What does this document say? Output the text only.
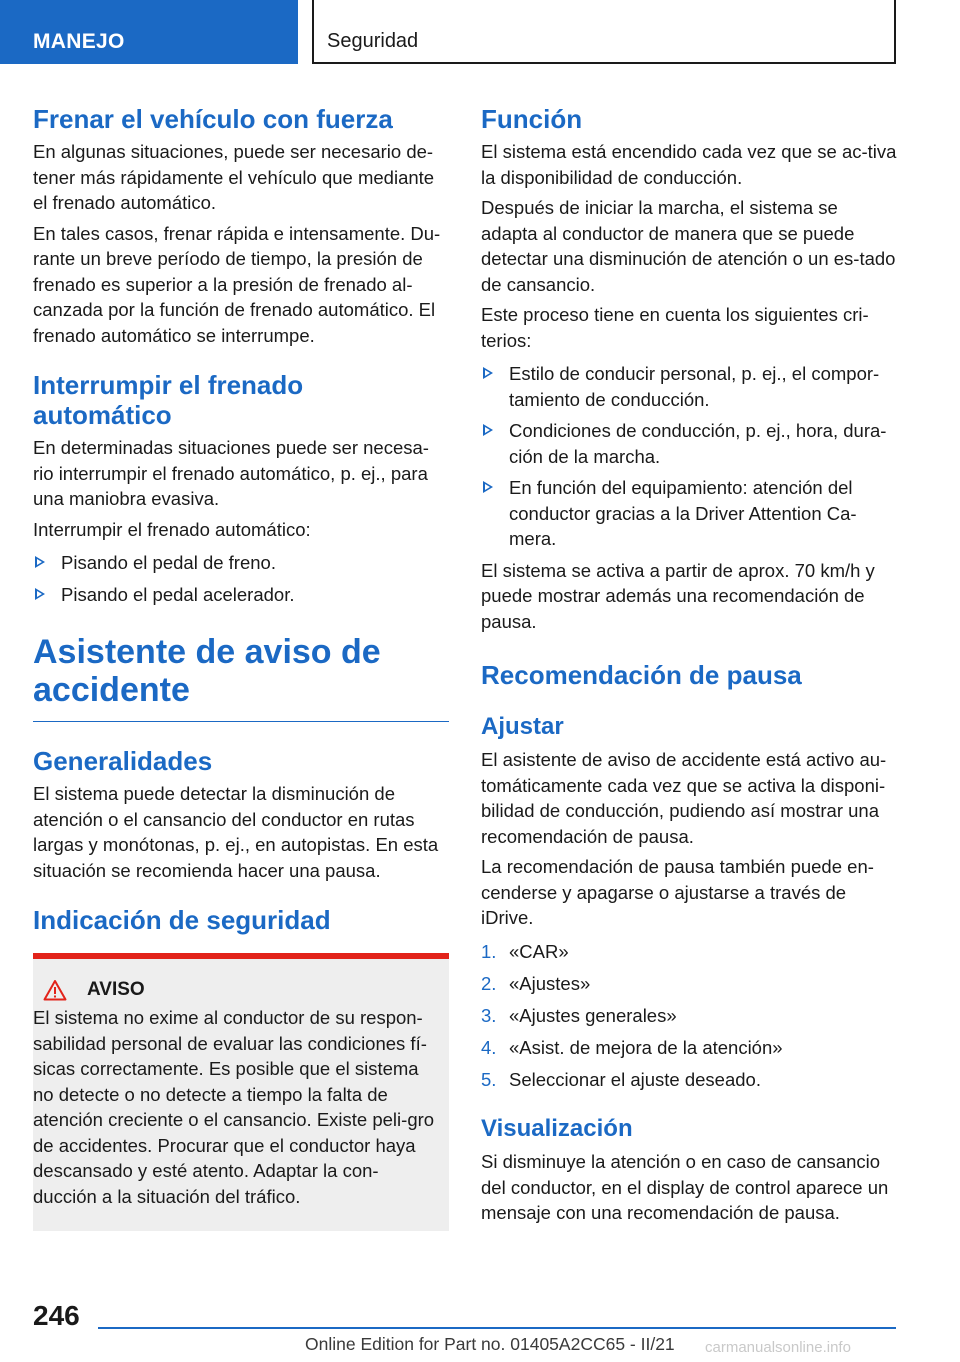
MANEJO	Seguridad
Frenar el vehículo con fuerza

En algunas situaciones, puede ser necesario de-tener más rápidamente el vehículo que mediante el frenado automático.

En tales casos, frenar rápida e intensamente. Du-rante un breve período de tiempo, la presión de frenado es superior a la presión de frenado al-canzada por la función de frenado automático. El frenado automático se interrumpe.

Interrumpir el frenado automático

En determinadas situaciones puede ser necesa-rio interrumpir el frenado automático, p. ej., para una maniobra evasiva.

Interrumpir el frenado automático:

Pisando el pedal de freno.
Pisando el pedal acelerador.
Asistente de aviso de accidente
Generalidades

El sistema puede detectar la disminución de atención o el cansancio del conductor en rutas largas y monótonas, p. ej., en autopistas. En esta situación se recomienda hacer una pausa.

Indicación de seguridad
AVISO

El sistema no exime al conductor de su respon-sabilidad personal de evaluar las condiciones fí-sicas correctamente. Es posible que el sistema no detecte o no detecte a tiempo la falta de atención creciente o el cansancio. Existe peli-gro de accidentes. Procurar que el conductor haya descansado y esté atento. Adaptar la con-ducción a la situación del tráfico.

Función

El sistema está encendido cada vez que se ac-tiva la disponibilidad de conducción.

Después de iniciar la marcha, el sistema se adapta al conductor de manera que se puede detectar una disminución de atención o un es-tado de cansancio.

Este proceso tiene en cuenta los siguientes cri-terios:

Estilo de conducir personal, p. ej., el compor-tamiento de conducción.
Condiciones de conducción, p. ej., hora, dura-ción de la marcha.
En función del equipamiento: atención del conductor gracias a la Driver Attention Ca-mera.

El sistema se activa a partir de aprox. 70 km/h y puede mostrar además una recomendación de pausa.

Recomendación de pausa
Ajustar

El asistente de aviso de accidente está activo au-tomáticamente cada vez que se activa la disponi-bilidad de conducción, pudiendo así mostrar una recomendación de pausa.

La recomendación de pausa también puede en-cenderse y apagarse o ajustarse a través de iDrive.

1. «CAR»
2. «Ajustes»
3. «Ajustes generales»
4. «Asist. de mejora de la atención»
5. Seleccionar el ajuste deseado.
Visualización

Si disminuye la atención o en caso de cansancio del conductor, en el display de control aparece un mensaje con una recomendación de pausa.

246
Online Edition for Part no. 01405A2CC65 - II/21 carmanualsonline.info
